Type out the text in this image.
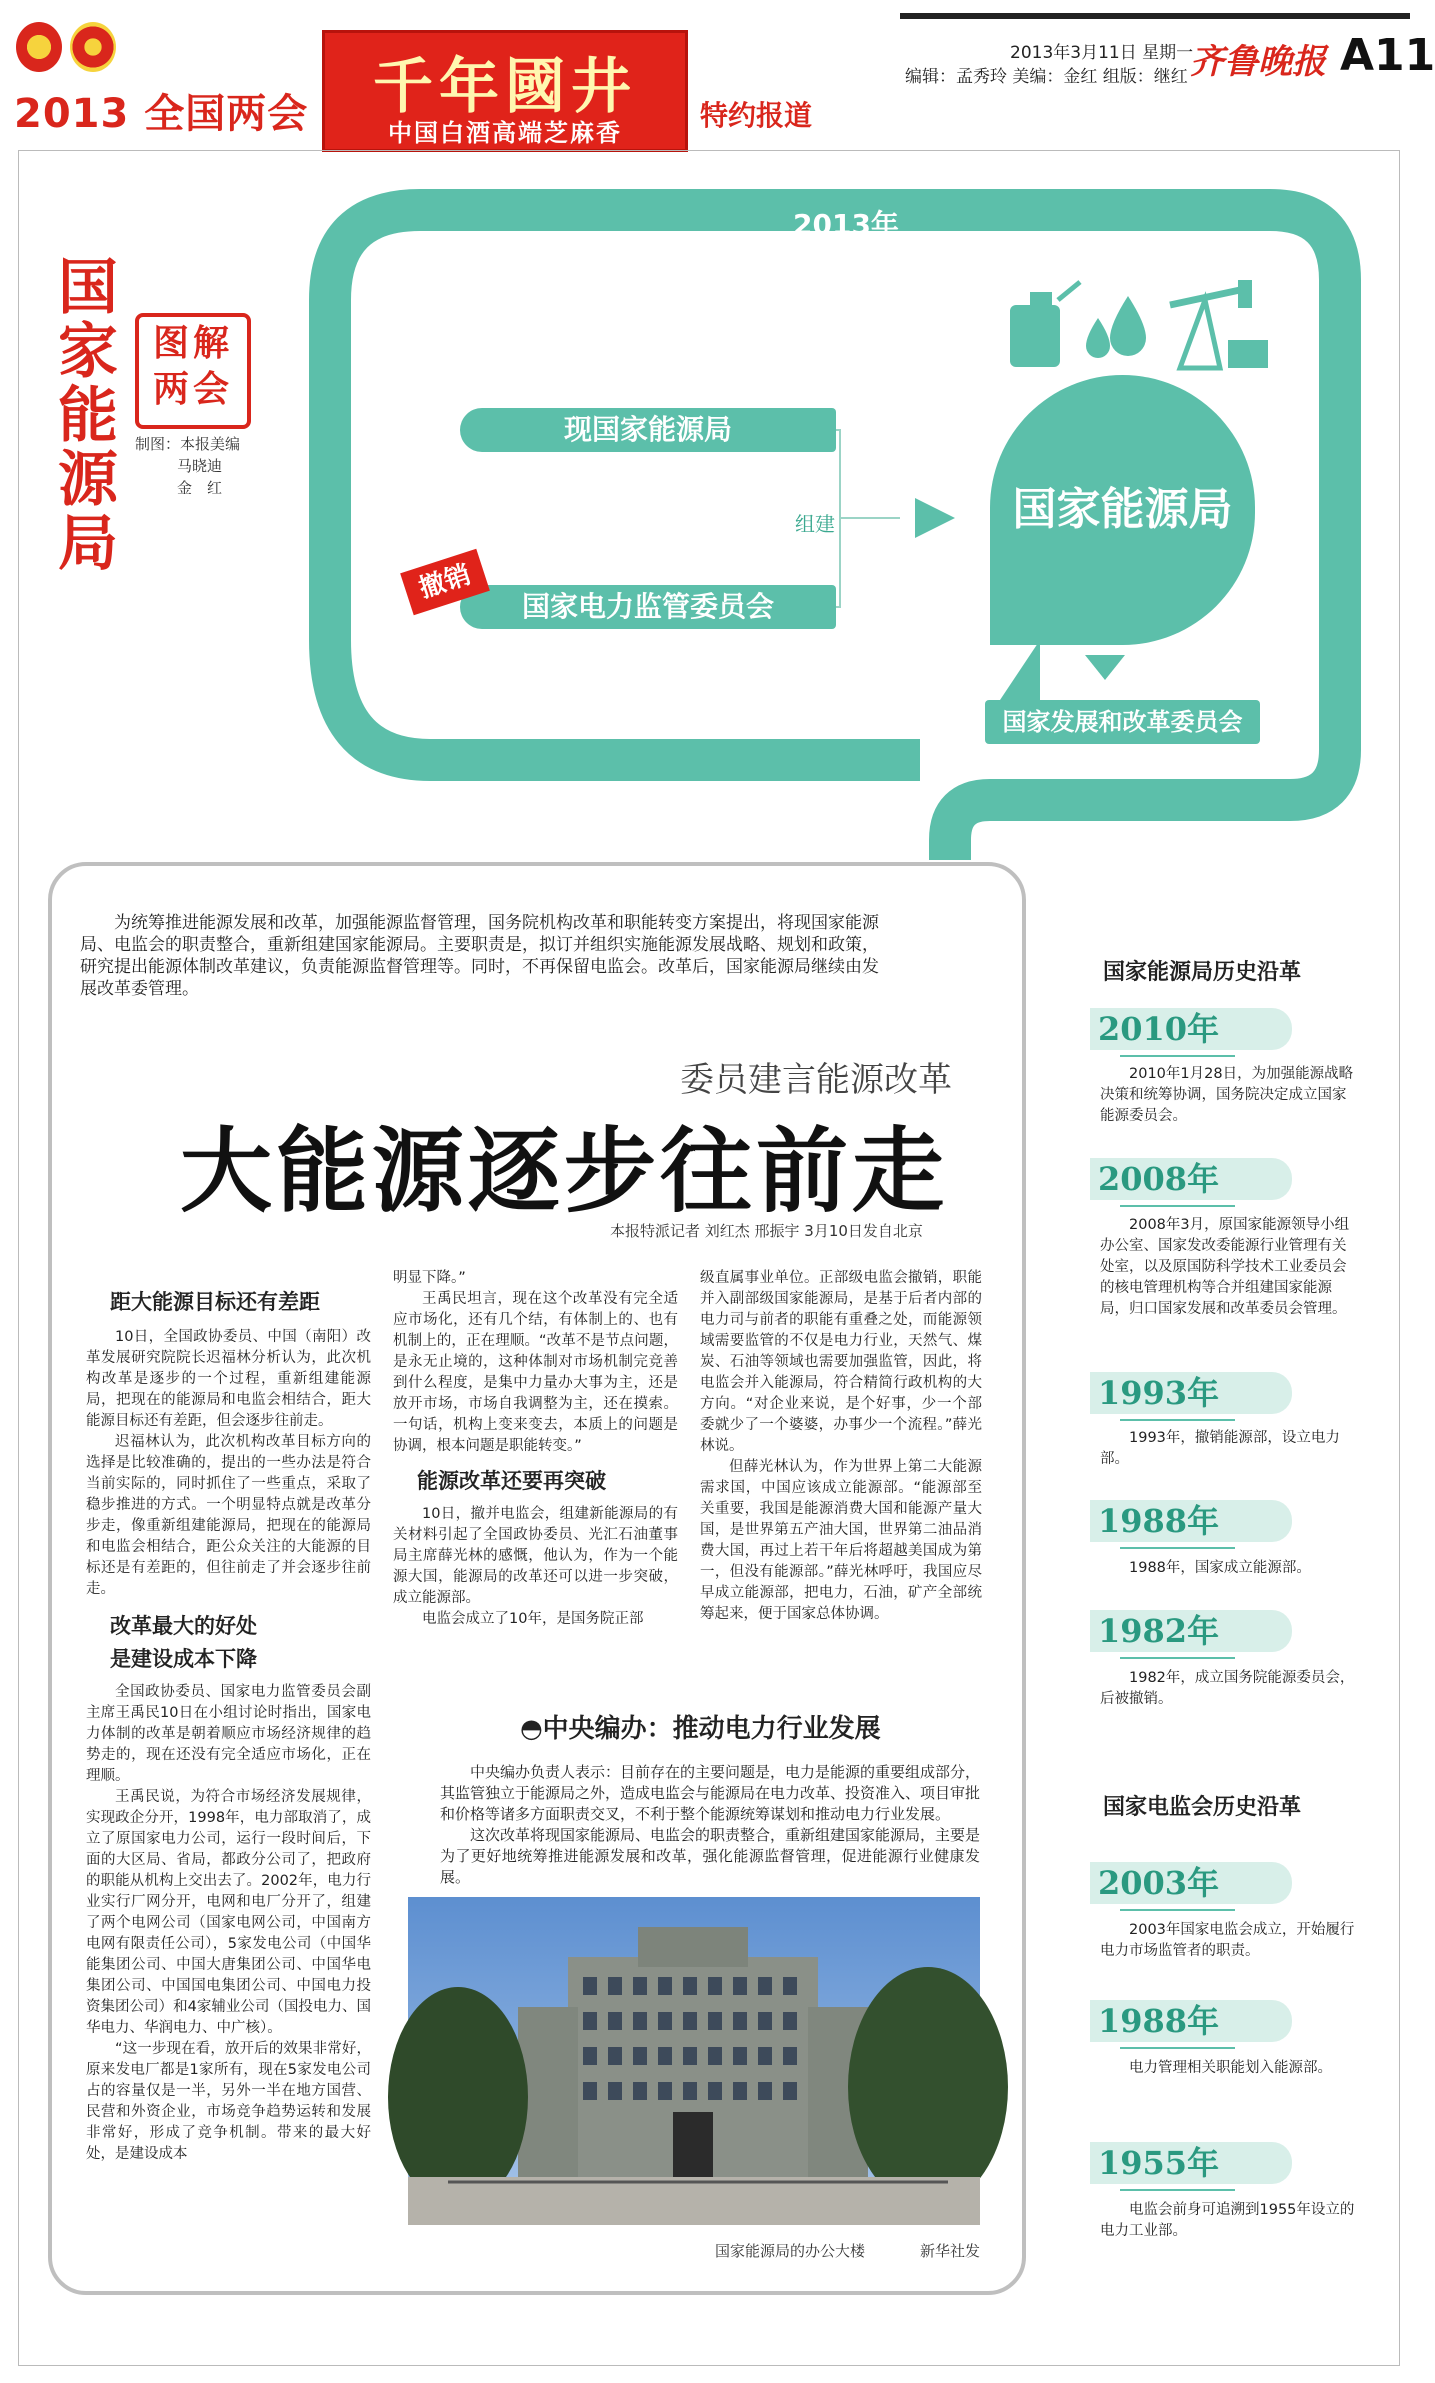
2013 全国两会	千年國井
中国白酒高端芝麻香
特约报道
2013年3月11日 星期一
编辑：孟秀玲 美编：金红 组版：继红 齐鲁晚报 A11
2013年
国家能源局
图解两会
制图：本报美编
马晓迪
金　红
现国家能源局
国家电力监管委员会
撤销
组建	国家能源局
国家发展和改革委员会
为统筹推进能源发展和改革，加强能源监督管理，国务院机构改革和职能转变方案提出，将现国家能源局、电监会的职责整合，重新组建国家能源局。主要职责是，拟订并组织实施能源发展战略、规划和政策，研究提出能源体制改革建议，负责能源监督管理等。同时，不再保留电监会。改革后，国家能源局继续由发展改革委管理。
委员建言能源改革
大能源逐步往前走
本报特派记者 刘红杰 邢振宇 3月10日发自北京

距大能源目标还有差距

10日，全国政协委员、中国（南阳）改革发展研究院院长迟福林分析认为，此次机构改革是逐步的一个过程，重新组建能源局，把现在的能源局和电监会相结合，距大能源目标还有差距，但会逐步往前走。

迟福林认为，此次机构改革目标方向的选择是比较准确的，提出的一些办法是符合当前实际的，同时抓住了一些重点，采取了稳步推进的方式。一个明显特点就是改革分步走，像重新组建能源局，把现在的能源局和电监会相结合，距公众关注的大能源的目标还是有差距的，但往前走了并会逐步往前走。

改革最大的好处

是建设成本下降

全国政协委员、国家电力监管委员会副主席王禹民10日在小组讨论时指出，国家电力体制的改革是朝着顺应市场经济规律的趋势走的，现在还没有完全适应市场化，正在理顺。

王禹民说，为符合市场经济发展规律，实现政企分开，1998年，电力部取消了，成立了原国家电力公司，运行一段时间后，下面的大区局、省局，都政分公司了，把政府的职能从机构上交出去了。2002年，电力行业实行厂网分开，电网和电厂分开了，组建了两个电网公司（国家电网公司，中国南方电网有限责任公司），5家发电公司（中国华能集团公司、中国大唐集团公司、中国华电集团公司、中国国电集团公司、中国电力投资集团公司）和4家辅业公司（国投电力、国华电力、华润电力、中广核）。

“这一步现在看，放开后的效果非常好，原来发电厂都是1家所有，现在5家发电公司占的容量仅是一半，另外一半在地方国营、民营和外资企业，市场竞争趋势运转和发展非常好，形成了竞争机制。带来的最大好处，是建设成本

明显下降。”

王禹民坦言，现在这个改革没有完全适应市场化，还有几个结，有体制上的、也有机制上的，正在理顺。“改革不是节点问题，是永无止境的，这种体制对市场机制完竞善到什么程度，是集中力量办大事为主，还是放开市场，市场自我调整为主，还在摸索。一句话，机构上变来变去，本质上的问题是协调，根本问题是职能转变。”

能源改革还要再突破

10日，撤并电监会，组建新能源局的有关材料引起了全国政协委员、光汇石油董事局主席薛光林的感慨，他认为，作为一个能源大国，能源局的改革还可以进一步突破，成立能源部。

电监会成立了10年，是国务院正部

级直属事业单位。正部级电监会撤销，职能并入副部级国家能源局，是基于后者内部的电力司与前者的职能有重叠之处，而能源领域需要监管的不仅是电力行业，天然气、煤炭、石油等领域也需要加强监管，因此，将电监会并入能源局，符合精简行政机构的大方向。“对企业来说，是个好事，少一个部委就少了一个婆婆，办事少一个流程。”薛光林说。

但薛光林认为，作为世界上第二大能源需求国，中国应该成立能源部。“能源部至关重要，我国是能源消费大国和能源产量大国，是世界第五产油大国，世界第二油品消费大国，再过上若干年后将超越美国成为第一，但没有能源部。”薛光林呼吁，我国应尽早成立能源部，把电力，石油，矿产全部统筹起来，便于国家总体协调。

◓中央编办：推动电力行业发展

中央编办负责人表示：目前存在的主要问题是，电力是能源的重要组成部分，其监管独立于能源局之外，造成电监会与能源局在电力改革、投资准入、项目审批和价格等诸多方面职责交叉，不利于整个能源统筹谋划和推动电力行业发展。

这次改革将现国家能源局、电监会的职责整合，重新组建国家能源局，主要是为了更好地统筹推进能源发展和改革，强化能源监督管理，促进能源行业健康发展。

国家能源局的办公大楼	新华社发
国家能源局历史沿革
2010年
2010年1月28日，为加强能源战略决策和统筹协调，国务院决定成立国家能源委员会。
2008年
2008年3月，原国家能源领导小组办公室、国家发改委能源行业管理有关处室，以及原国防科学技术工业委员会的核电管理机构等合并组建国家能源局，归口国家发展和改革委员会管理。
1993年
1993年，撤销能源部，设立电力部。
1988年
1988年，国家成立能源部。
1982年
1982年，成立国务院能源委员会，后被撤销。
国家电监会历史沿革
2003年
2003年国家电监会成立，开始履行电力市场监管者的职责。
1988年
电力管理相关职能划入能源部。
1955年
电监会前身可追溯到1955年设立的电力工业部。
